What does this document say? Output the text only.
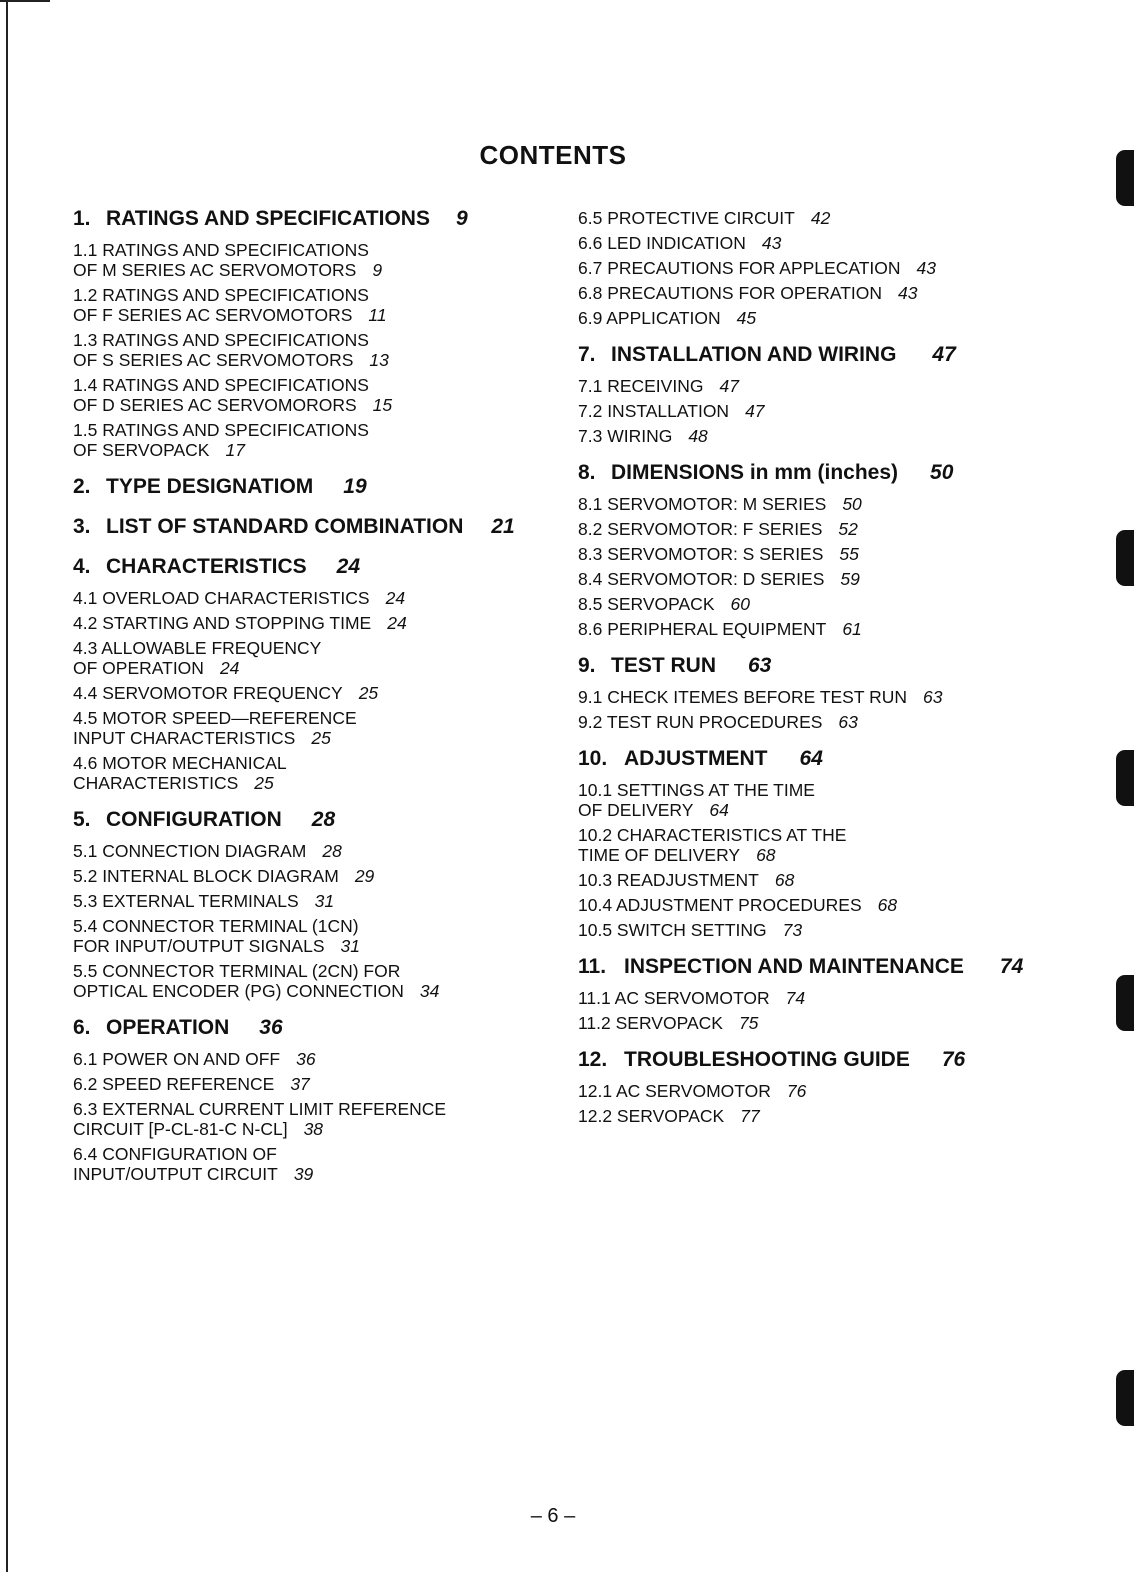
CONTENTS
1. RATINGS AND SPECIFICATIONS 9
1.1 RATINGS AND SPECIFICATIONS
OF M SERIES AC SERVOMOTORS 9
1.2 RATINGS AND SPECIFICATIONS
OF F SERIES AC SERVOMOTORS 11
1.3 RATINGS AND SPECIFICATIONS
OF S SERIES AC SERVOMOTORS 13
1.4 RATINGS AND SPECIFICATIONS
OF D SERIES AC SERVOMORORS 15
1.5 RATINGS AND SPECIFICATIONS
OF SERVOPACK 17
2. TYPE DESIGNATIOM 19
3. LIST OF STANDARD COMBINATION 21
4. CHARACTERISTICS 24
4.1 OVERLOAD CHARACTERISTICS 24
4.2 STARTING AND STOPPING TIME 24
4.3 ALLOWABLE FREQUENCY
OF OPERATION 24
4.4 SERVOMOTOR FREQUENCY 25
4.5 MOTOR SPEED—REFERENCE
INPUT CHARACTERISTICS 25
4.6 MOTOR MECHANICAL
CHARACTERISTICS 25
5. CONFIGURATION 28
5.1 CONNECTION DIAGRAM 28
5.2 INTERNAL BLOCK DIAGRAM 29
5.3 EXTERNAL TERMINALS 31
5.4 CONNECTOR TERMINAL (1CN)
FOR INPUT/OUTPUT SIGNALS 31
5.5 CONNECTOR TERMINAL (2CN) FOR
OPTICAL ENCODER (PG) CONNECTION 34
6. OPERATION 36
6.1 POWER ON AND OFF 36
6.2 SPEED REFERENCE 37
6.3 EXTERNAL CURRENT LIMIT REFERENCE
CIRCUIT [P-CL-81-C N-CL] 38
6.4 CONFIGURATION OF
INPUT/OUTPUT CIRCUIT 39
6.5 PROTECTIVE CIRCUIT 42
6.6 LED INDICATION 43
6.7 PRECAUTIONS FOR APPLECATION 43
6.8 PRECAUTIONS FOR OPERATION 43
6.9 APPLICATION 45
7. INSTALLATION AND WIRING 47
7.1 RECEIVING 47
7.2 INSTALLATION 47
7.3 WIRING 48
8. DIMENSIONS in mm (inches) 50
8.1 SERVOMOTOR: M SERIES 50
8.2 SERVOMOTOR: F SERIES 52
8.3 SERVOMOTOR: S SERIES 55
8.4 SERVOMOTOR: D SERIES 59
8.5 SERVOPACK 60
8.6 PERIPHERAL EQUIPMENT 61
9. TEST RUN 63
9.1 CHECK ITEMES BEFORE TEST RUN 63
9.2 TEST RUN PROCEDURES 63
10. ADJUSTMENT 64
10.1 SETTINGS AT THE TIME
OF DELIVERY 64
10.2 CHARACTERISTICS AT THE
TIME OF DELIVERY 68
10.3 READJUSTMENT 68
10.4 ADJUSTMENT PROCEDURES 68
10.5 SWITCH SETTING 73
11. INSPECTION AND MAINTENANCE 74
11.1 AC SERVOMOTOR 74
11.2 SERVOPACK 75
12. TROUBLESHOOTING GUIDE 76
12.1 AC SERVOMOTOR 76
12.2 SERVOPACK 77
– 6 –
